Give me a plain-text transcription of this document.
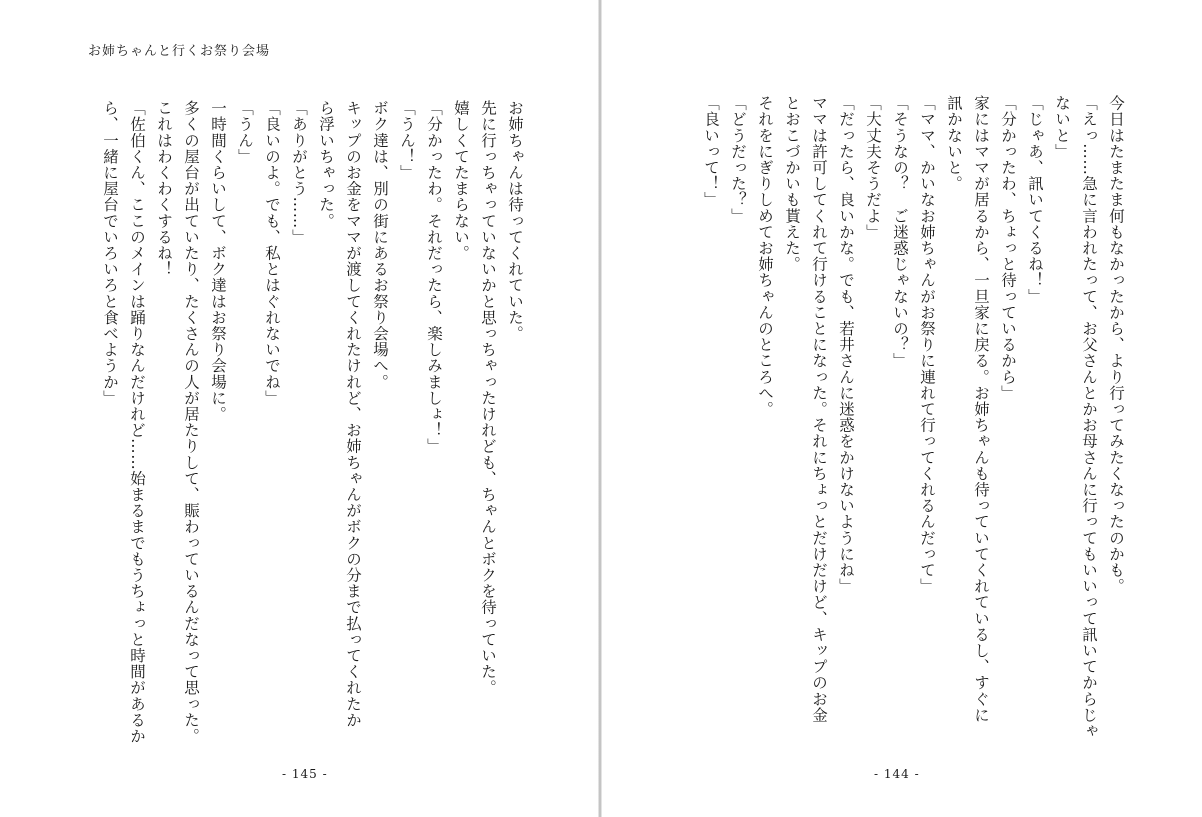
お姉ちゃんと行くお祭り会場
お姉ちゃんは待ってくれていた。
先に行っちゃっていないかと思っちゃったけれども、ちゃんとボクを待っていた。
嬉しくてたまらない。
「分かったわ。それだったら、楽しみましょ！」
「うん！」
ボク達は、別の街にあるお祭り会場へ。
キップのお金をママが渡してくれたけれど、お姉ちゃんがボクの分まで払ってくれたか
ら浮いちゃった。
「ありがとう……」
「良いのよ。でも、私とはぐれないでね」
「うん」
一時間くらいして、ボク達はお祭り会場に。
多くの屋台が出ていたり、たくさんの人が居たりして、賑わっているんだなって思った。
これはわくわくするね！
「佐伯くん、ここのメインは踊りなんだけれど……始まるまでもうちょっと時間があるか
ら、一緒に屋台でいろいろと食べようか」
- 145 -
今日はたまたま何もなかったから、より行ってみたくなったのかも。
「えっ……急に言われたって、お父さんとかお母さんに行ってもいいって訊いてからじゃ
ないと」
「じゃあ、訊いてくるね！」
「分かったわ、ちょっと待っているから」
家にはママが居るから、一旦家に戻る。お姉ちゃんも待っていてくれているし、すぐに
訊かないと。
「ママ、かいなお姉ちゃんがお祭りに連れて行ってくれるんだって」
「そうなの？　ご迷惑じゃないの？」
「大丈夫そうだよ」
「だったら、良いかな。でも、若井さんに迷惑をかけないようにね」
ママは許可してくれて行けることになった。それにちょっとだけだけど、キップのお金
とおこづかいも貰えた。
それをにぎりしめてお姉ちゃんのところへ。
「どうだった？」
「良いって！」
- 144 -
